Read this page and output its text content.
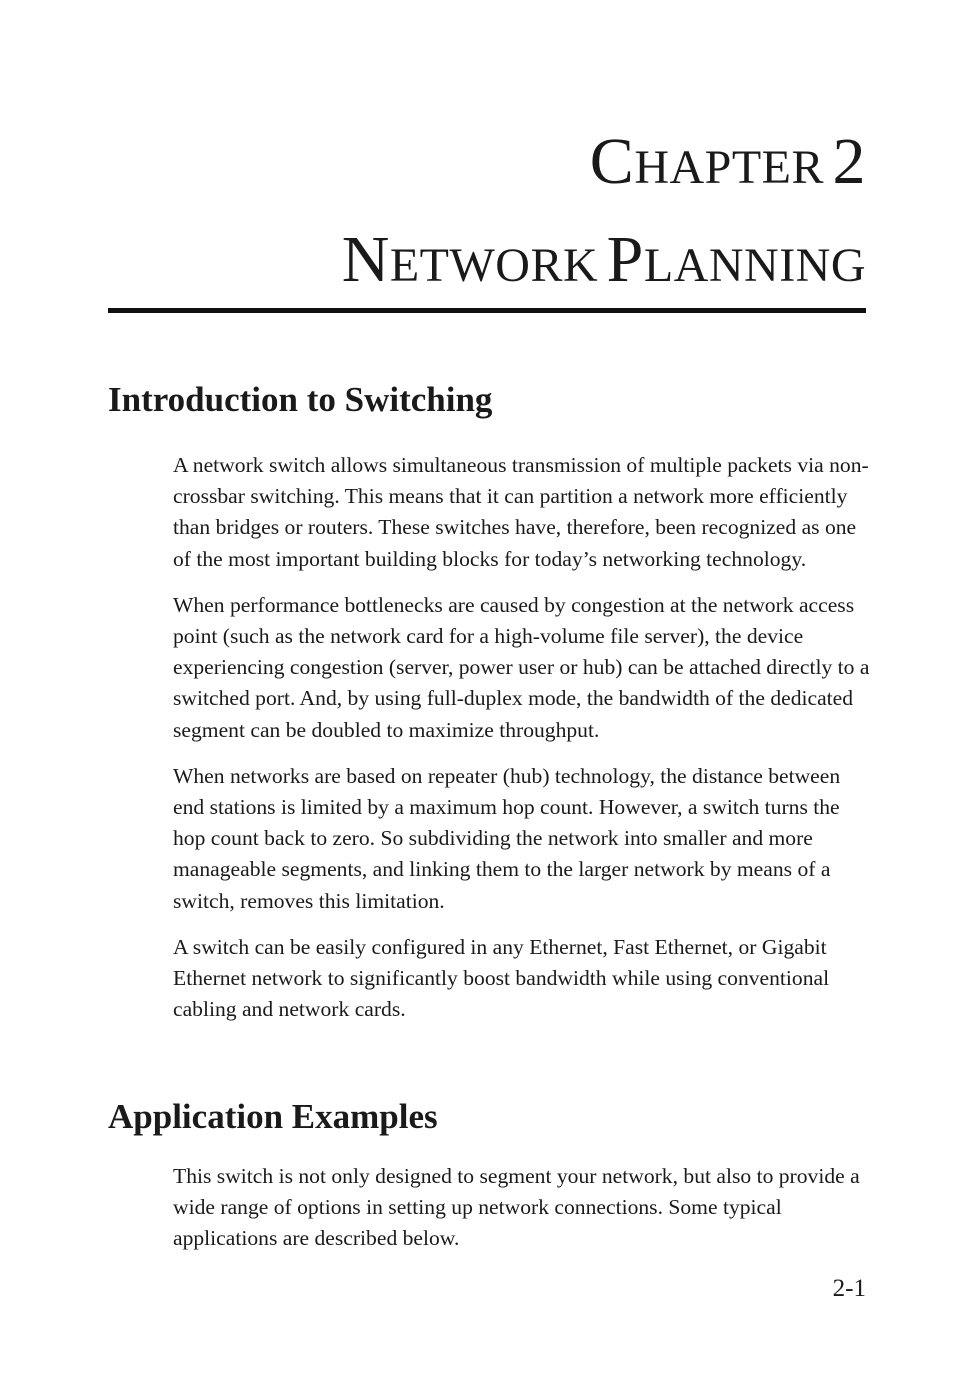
CHAPTER 2
NETWORK PLANNING
Introduction to Switching

A network switch allows simultaneous transmission of multiple packets via non-crossbar switching. This means that it can partition a network more efficiently than bridges or routers. These switches have, therefore, been recognized as one of the most important building blocks for today’s networking technology.

When performance bottlenecks are caused by congestion at the network access point (such as the network card for a high-volume file server), the device experiencing congestion (server, power user or hub) can be attached directly to a switched port. And, by using full-duplex mode, the bandwidth of the dedicated segment can be doubled to maximize throughput.

When networks are based on repeater (hub) technology, the distance between end stations is limited by a maximum hop count. However, a switch turns the hop count back to zero. So subdividing the network into smaller and more manageable segments, and linking them to the larger network by means of a switch, removes this limitation.

A switch can be easily configured in any Ethernet, Fast Ethernet, or Gigabit Ethernet network to significantly boost bandwidth while using conventional cabling and network cards.

Application Examples

This switch is not only designed to segment your network, but also to provide a wide range of options in setting up network connections. Some typical applications are described below.

2-1
